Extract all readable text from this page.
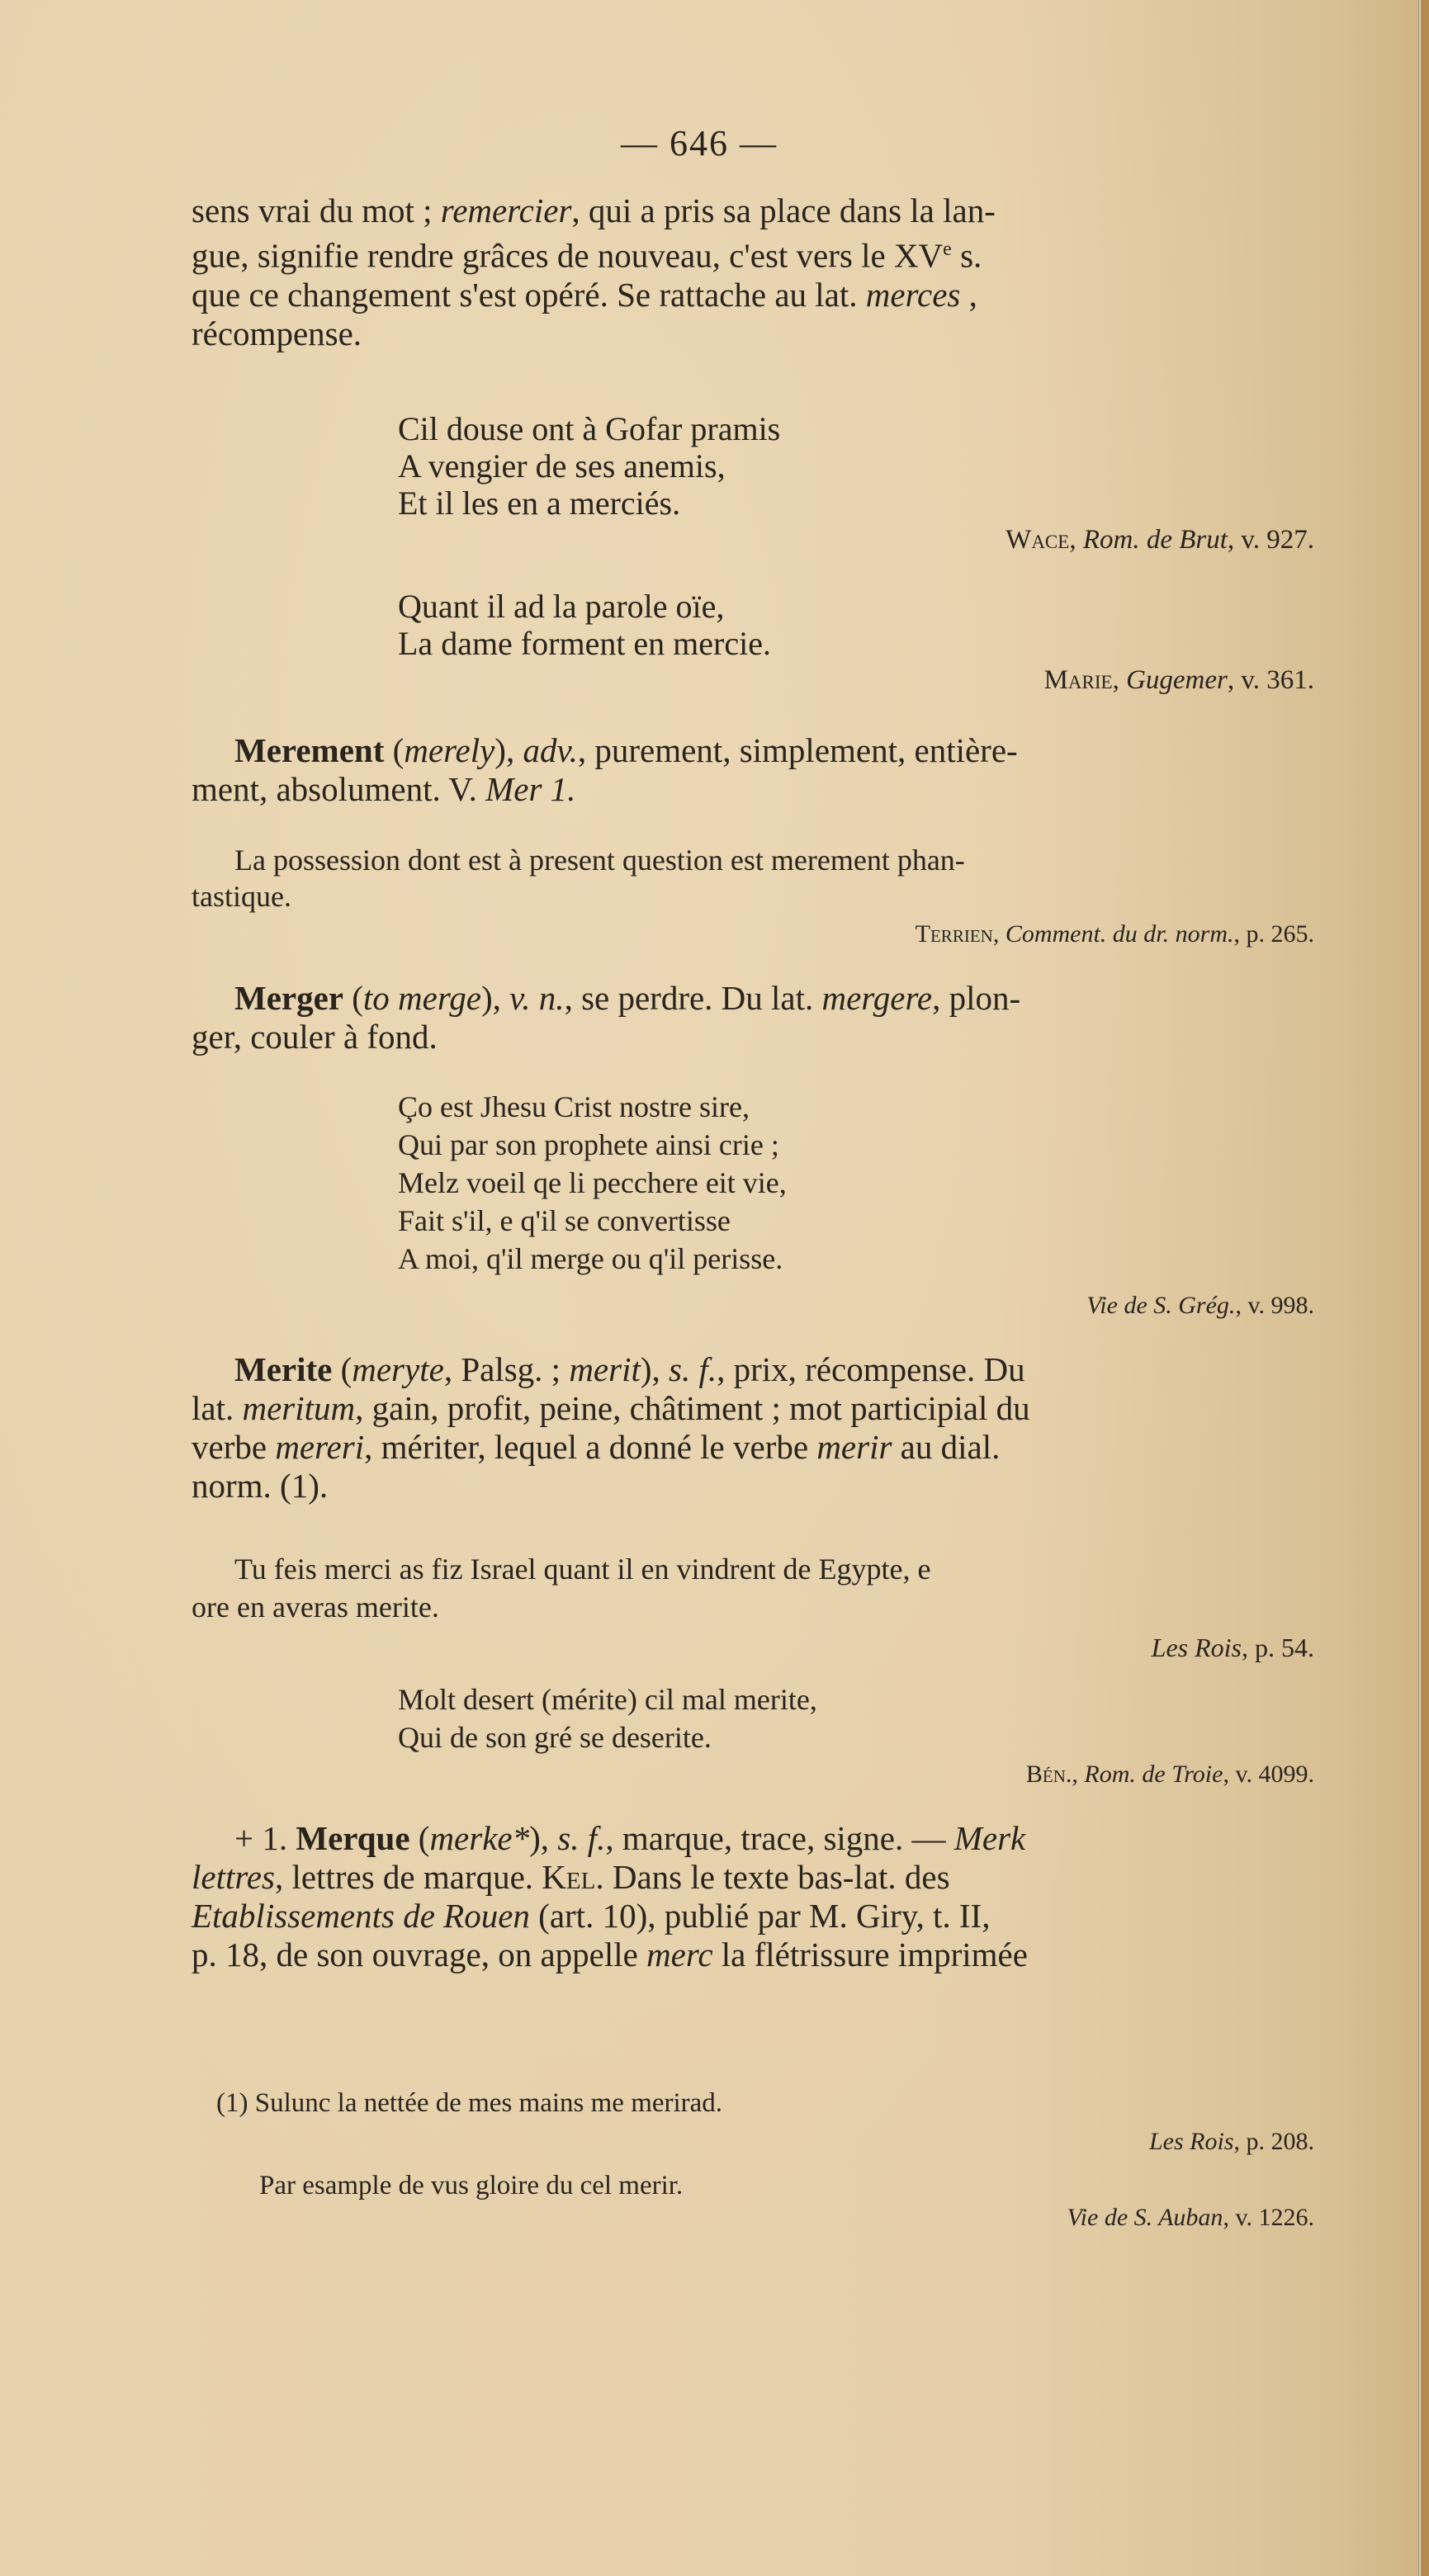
— 646 —
sens vrai du mot ; remercier, qui a pris sa place dans la lan-
gue, signifie rendre grâces de nouveau, c'est vers le XVe s.
que ce changement s'est opéré. Se rattache au lat. merces ,
récompense.
Cil douse ont à Gofar pramis
A vengier de ses anemis,
Et il les en a merciés.
Wace, Rom. de Brut, v. 927.
Quant il ad la parole oïe,
La dame forment en mercie.
Marie, Gugemer, v. 361.
Merement (merely), adv., purement, simplement, entière-
ment, absolument. V. Mer 1.
La possession dont est à present question est merement phan-
tastique.
Terrien, Comment. du dr. norm., p. 265.
Merger (to merge), v. n., se perdre. Du lat. mergere, plon-
ger, couler à fond.
Ço est Jhesu Crist nostre sire,
Qui par son prophete ainsi crie ;
Melz voeil qe li pecchere eit vie,
Fait s'il, e q'il se convertisse
A moi, q'il merge ou q'il perisse.
Vie de S. Grég., v. 998.
Merite (meryte, Palsg. ; merit), s. f., prix, récompense. Du
lat. meritum, gain, profit, peine, châtiment ; mot participial du
verbe mereri, mériter, lequel a donné le verbe merir au dial.
norm. (1).
Tu feis merci as fiz Israel quant il en vindrent de Egypte, e
ore en averas merite.
Les Rois, p. 54.
Molt desert (mérite) cil mal merite,
Qui de son gré se deserite.
Bén., Rom. de Troie, v. 4099.
+ 1. Merque (merke*), s. f., marque, trace, signe. — Merk
lettres, lettres de marque. Kel. Dans le texte bas-lat. des
Etablissements de Rouen (art. 10), publié par M. Giry, t. II,
p. 18, de son ouvrage, on appelle merc la flétrissure imprimée
(1) Sulunc la nettée de mes mains me merirad.
Les Rois, p. 208.
Par esample de vus gloire du cel merir.
Vie de S. Auban, v. 1226.
